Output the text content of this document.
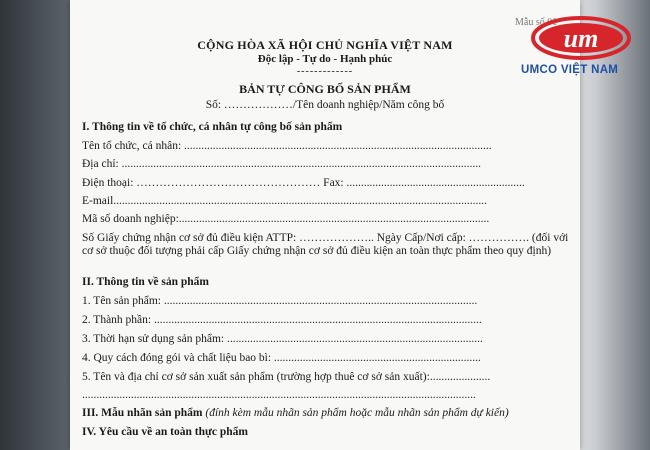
Mẫu số 01
um
UMCO VIỆT NAM
CỘNG HÒA XÃ HỘI CHỦ NGHĨA VIỆT NAM
Độc lập - Tự do - Hạnh phúc
-------------
BẢN TỰ CÔNG BỐ SẢN PHẨM
Số: ………………/Tên doanh nghiệp/Năm công bố
I. Thông tin về tổ chức, cá nhân tự công bố sản phẩm
Tên tổ chức, cá nhân: ...........................................................................................................
Địa chỉ: .............................................................................................................................
Điện thoại: ………………………………………… Fax: ..............................................................
E-mail..................................................................................................................................
Mã số doanh nghiệp:............................................................................................................
Số Giấy chứng nhận cơ sở đủ điều kiện ATTP: ……………….. Ngày Cấp/Nơi cấp: ……………. (đối với cơ sở thuộc đối tượng phải cấp Giấy chứng nhận cơ sở đủ điều kiện an toàn thực phẩm theo quy định)
II. Thông tin về sản phẩm
1. Tên sản phẩm: .............................................................................................................
2. Thành phần: ..................................................................................................................
3. Thời hạn sử dụng sản phẩm: .........................................................................................
4. Quy cách đóng gói và chất liệu bao bì: ........................................................................
5. Tên và địa chỉ cơ sở sản xuất sản phẩm (trường hợp thuê cơ sở sản xuất):.....................
.........................................................................................................................................
III. Mẫu nhãn sản phẩm (đính kèm mẫu nhãn sản phẩm hoặc mẫu nhãn sản phẩm dự kiến)
IV. Yêu cầu về an toàn thực phẩm
